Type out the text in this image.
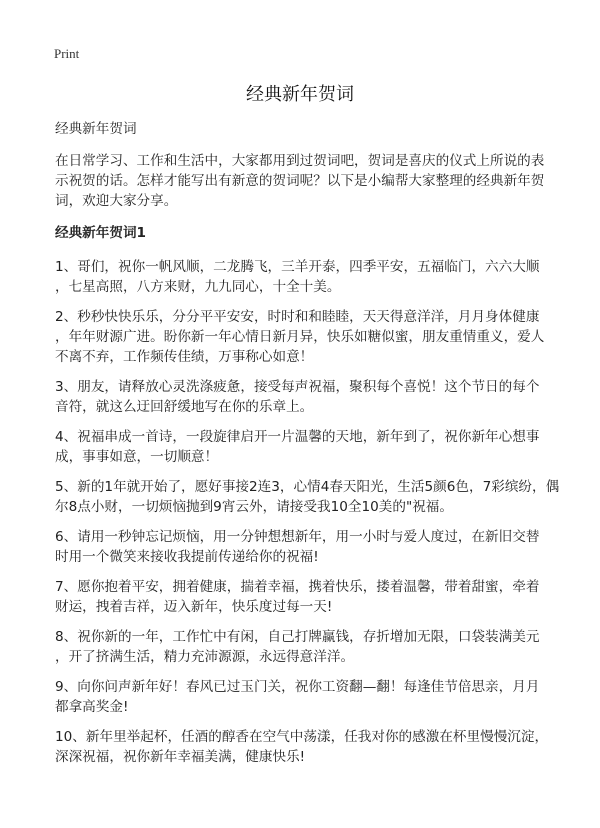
Print
经典新年贺词
经典新年贺词
在日常学习、工作和生活中，大家都用到过贺词吧，贺词是喜庆的仪式上所说的表
示祝贺的话。怎样才能写出有新意的贺词呢？以下是小编帮大家整理的经典新年贺
词，欢迎大家分享。
经典新年贺词1
1、哥们，祝你一帆风顺，二龙腾飞，三羊开泰，四季平安，五福临门，六六大顺
，七星高照，八方来财，九九同心，十全十美。
2、秒秒快快乐乐，分分平平安安，时时和和睦睦，天天得意洋洋，月月身体健康
，年年财源广进。盼你新一年心情日新月异，快乐如糖似蜜，朋友重情重义，爱人
不离不弃，工作频传佳绩，万事称心如意！
3、朋友，请释放心灵洗涤疲惫，接受每声祝福，聚积每个喜悦！这个节日的每个
音符，就这么迂回舒缓地写在你的乐章上。
4、祝福串成一首诗，一段旋律启开一片温馨的天地，新年到了，祝你新年心想事
成，事事如意，一切顺意！
5、新的1年就开始了，愿好事接2连3，心情4春天阳光，生活5颜6色，7彩缤纷，偶
尔8点小财，一切烦恼抛到9宵云外，请接受我10全10美的"祝福。
6、请用一秒钟忘记烦恼，用一分钟想想新年，用一小时与爱人度过，在新旧交替
时用一个微笑来接收我提前传递给你的祝福!
7、愿你抱着平安，拥着健康，揣着幸福，携着快乐，搂着温馨，带着甜蜜，牵着
财运，拽着吉祥，迈入新年，快乐度过每一天!
8、祝你新的一年，工作忙中有闲，自己打牌赢钱，存折增加无限，口袋装满美元
，开了挤满生活，精力充沛源源，永远得意洋洋。
9、向你问声新年好！春风已过玉门关，祝你工资翻—翻！每逢佳节倍思亲，月月
都拿高奖金!
10、新年里举起杯，任酒的醇香在空气中荡漾，任我对你的感激在杯里慢慢沉淀，
深深祝福，祝你新年幸福美满，健康快乐!
